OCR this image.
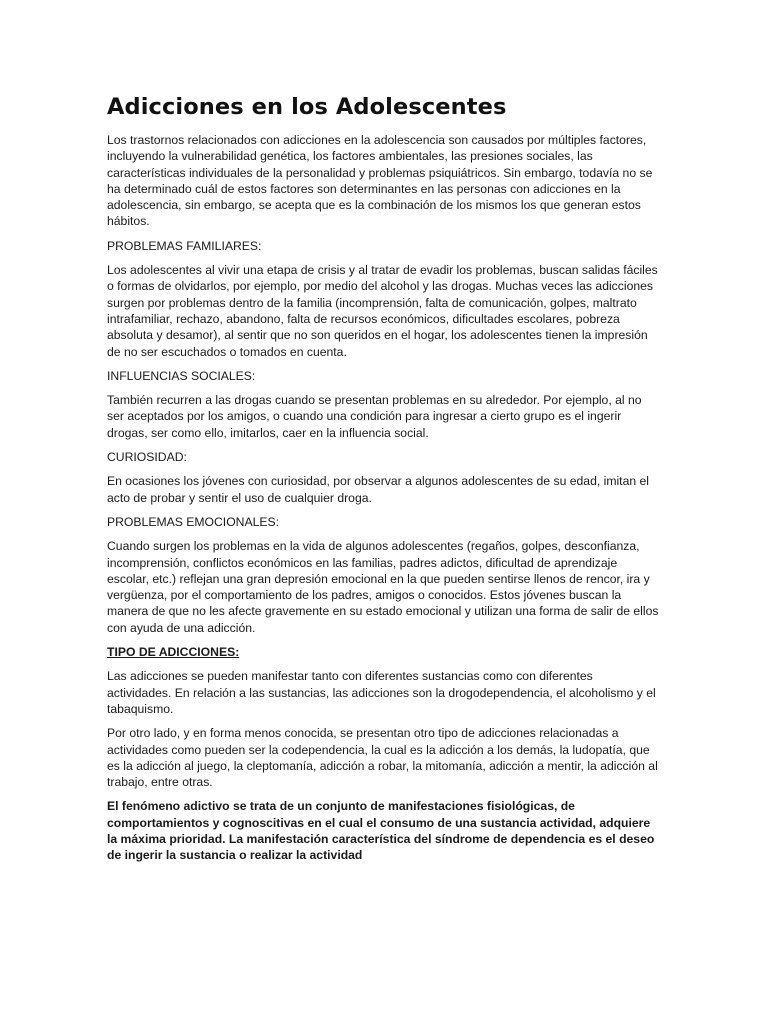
Adicciones en los Adolescentes

Los trastornos relacionados con adicciones en la adolescencia son causados por múltiples factores, incluyendo la vulnerabilidad genética, los factores ambientales, las presiones sociales, las características individuales de la personalidad y problemas psiquiátricos. Sin embargo, todavía no se ha determinado cuál de estos factores son determinantes en las personas con adicciones en la adolescencia, sin embargo, se acepta que es la combinación de los mismos los que generan estos hábitos.

PROBLEMAS FAMILIARES:

Los adolescentes al vivir una etapa de crisis y al tratar de evadir los problemas, buscan salidas fáciles o formas de olvidarlos, por ejemplo, por medio del alcohol y las drogas. Muchas veces las adicciones surgen por problemas dentro de la familia (incomprensión, falta de comunicación, golpes, maltrato intrafamiliar, rechazo, abandono, falta de recursos económicos, dificultades escolares, pobreza absoluta y desamor), al sentir que no son queridos en el hogar, los adolescentes tienen la impresión de no ser escuchados o tomados en cuenta.

INFLUENCIAS SOCIALES:

También recurren a las drogas cuando se presentan problemas en su alrededor. Por ejemplo, al no ser aceptados por los amigos, o cuando una condición para ingresar a cierto grupo es el ingerir drogas, ser como ello, imitarlos, caer en la influencia social.

CURIOSIDAD:

En ocasiones los jóvenes con curiosidad, por observar a algunos adolescentes de su edad, imitan el acto de probar y sentir el uso de cualquier droga.

PROBLEMAS EMOCIONALES:

Cuando surgen los problemas en la vida de algunos adolescentes (regaños, golpes, desconfianza, incomprensión, conflictos económicos en las familias, padres adictos, dificultad de aprendizaje escolar, etc.) reflejan una gran depresión emocional en la que pueden sentirse llenos de rencor, ira y vergüenza, por el comportamiento de los padres, amigos o conocidos. Estos jóvenes buscan la manera de que no les afecte gravemente en su estado emocional y utilizan una forma de salir de ellos con ayuda de una adicción.

TIPO DE ADICCIONES:

Las adicciones se pueden manifestar tanto con diferentes sustancias como con diferentes actividades. En relación a las sustancias, las adicciones son la drogodependencia, el alcoholismo y el tabaquismo.

Por otro lado, y en forma menos conocida, se presentan otro tipo de adicciones relacionadas a actividades como pueden ser la codependencia, la cual es la adicción a los demás, la ludopatía, que es la adicción al juego, la cleptomanía, adicción a robar, la mitomanía, adicción a mentir, la adicción al trabajo, entre otras.

El fenómeno adictivo se trata de un conjunto de manifestaciones fisiológicas, de comportamientos y cognoscitivas en el cual el consumo de una sustancia actividad, adquiere la máxima prioridad. La manifestación característica del síndrome de dependencia es el deseo de ingerir la sustancia o realizar la actividad
